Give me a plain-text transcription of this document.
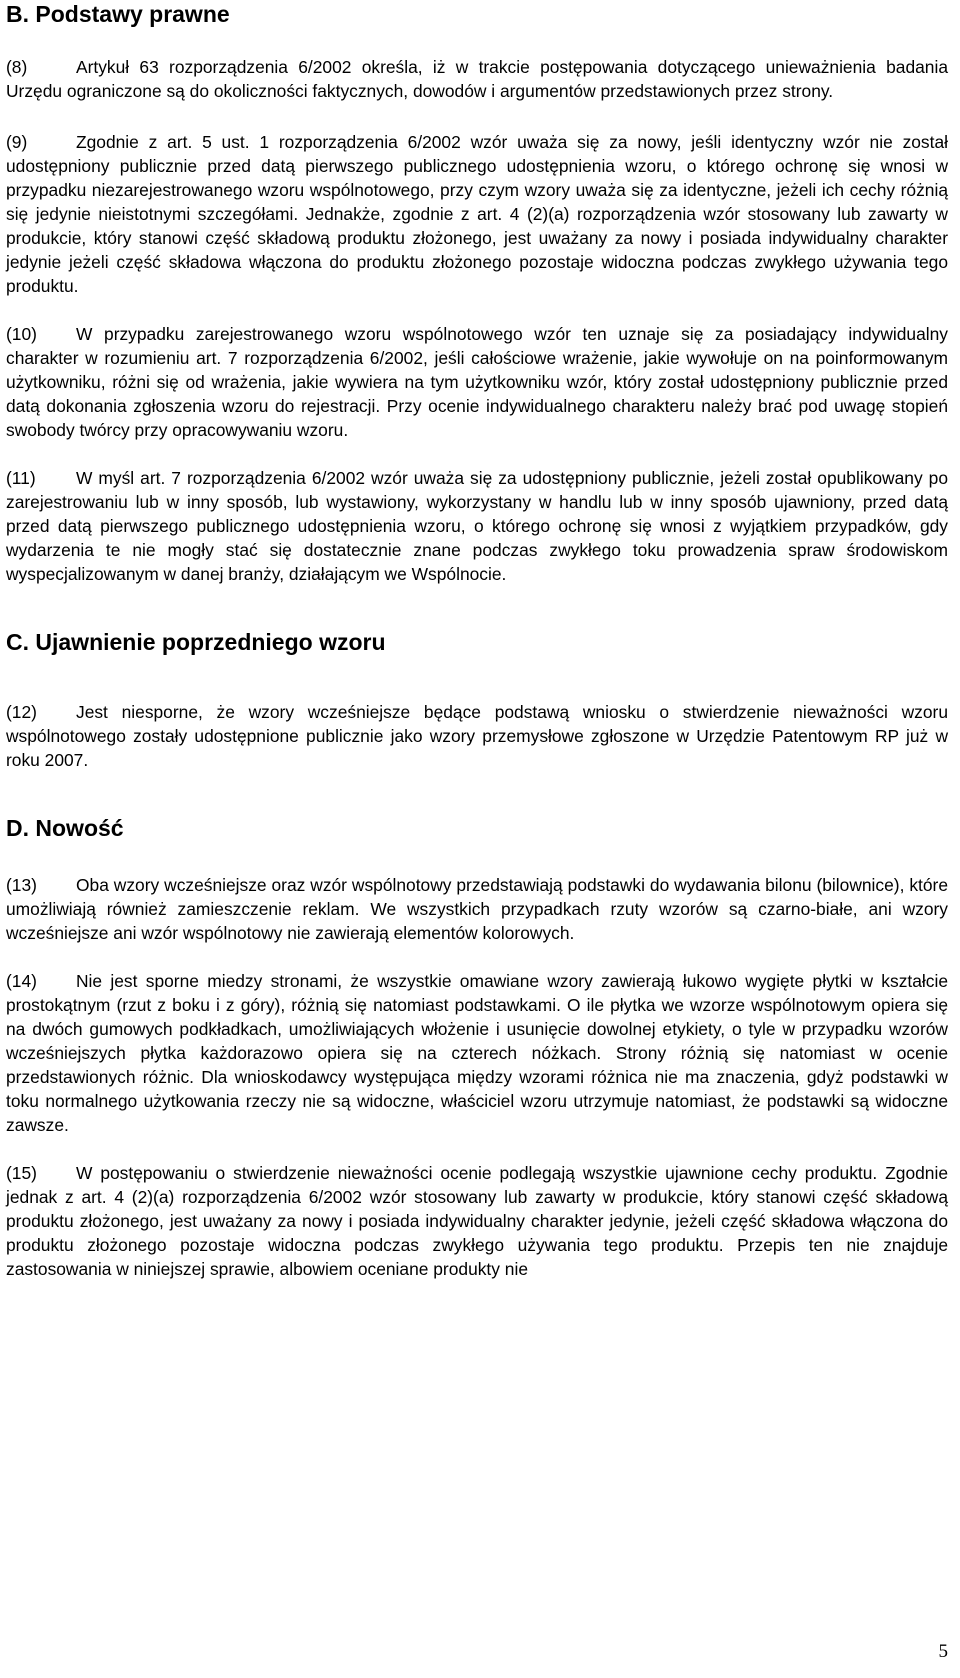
B. Podstawy prawne

(8)	Artykuł 63 rozporządzenia 6/2002 określa, iż w trakcie postępowania dotyczącego unieważnienia badania Urzędu ograniczone są do okoliczności faktycznych, dowodów i argumentów przedstawionych przez strony.

(9)	Zgodnie z art. 5 ust. 1 rozporządzenia 6/2002 wzór uważa się za nowy, jeśli identyczny wzór nie został udostępniony publicznie przed datą pierwszego publicznego udostępnienia wzoru, o którego ochronę się wnosi w przypadku niezarejestrowanego wzoru wspólnotowego, przy czym wzory uważa się za identyczne, jeżeli ich cechy różnią się jedynie nieistotnymi szczegółami. Jednakże, zgodnie z art. 4 (2)(a) rozporządzenia wzór stosowany lub zawarty w produkcie, który stanowi część składową produktu złożonego, jest uważany za nowy i posiada indywidualny charakter jedynie jeżeli część składowa włączona do produktu złożonego pozostaje widoczna podczas zwykłego używania tego produktu.

(10) W przypadku zarejestrowanego wzoru wspólnotowego wzór ten uznaje się za posiadający indywidualny charakter w rozumieniu art. 7 rozporządzenia 6/2002, jeśli całościowe wrażenie, jakie wywołuje on na poinformowanym użytkowniku, różni się od wrażenia, jakie wywiera na tym użytkowniku wzór, który został udostępniony publicznie przed datą dokonania zgłoszenia wzoru do rejestracji. Przy ocenie indywidualnego charakteru należy brać pod uwagę stopień swobody twórcy przy opracowywaniu wzoru.

(11) W myśl art. 7 rozporządzenia 6/2002 wzór uważa się za udostępniony publicznie, jeżeli został opublikowany po zarejestrowaniu lub w inny sposób, lub wystawiony, wykorzystany w handlu lub w inny sposób ujawniony, przed datą przed datą pierwszego publicznego udostępnienia wzoru, o którego ochronę się wnosi z wyjątkiem przypadków, gdy wydarzenia te nie mogły stać się dostatecznie znane podczas zwykłego toku prowadzenia spraw środowiskom wyspecjalizowanym w danej branży, działającym we Wspólnocie.

C. Ujawnienie poprzedniego wzoru

(12) Jest niesporne, że wzory wcześniejsze będące podstawą wniosku o stwierdzenie nieważności wzoru wspólnotowego zostały udostępnione publicznie jako wzory przemysłowe zgłoszone w Urzędzie Patentowym RP już w roku 2007.

D. Nowość

(13) Oba wzory wcześniejsze oraz wzór wspólnotowy przedstawiają podstawki do wydawania bilonu (bilownice), które umożliwiają również zamieszczenie reklam. We wszystkich przypadkach rzuty wzorów są czarno-białe, ani wzory wcześniejsze ani wzór wspólnotowy nie zawierają elementów kolorowych.

(14) Nie jest sporne miedzy stronami, że wszystkie omawiane wzory zawierają łukowo wygięte płytki w kształcie prostokątnym (rzut z boku i z góry), różnią się natomiast podstawkami. O ile płytka we wzorze wspólnotowym opiera się na dwóch gumowych podkładkach, umożliwiających włożenie i usunięcie dowolnej etykiety, o tyle w przypadku wzorów wcześniejszych płytka każdorazowo opiera się na czterech nóżkach. Strony różnią się natomiast w ocenie przedstawionych różnic. Dla wnioskodawcy występująca między wzorami różnica nie ma znaczenia, gdyż podstawki w toku normalnego użytkowania rzeczy nie są widoczne, właściciel wzoru utrzymuje natomiast, że podstawki są widoczne zawsze.

(15) W postępowaniu o stwierdzenie nieważności ocenie podlegają wszystkie ujawnione cechy produktu. Zgodnie jednak z art. 4 (2)(a) rozporządzenia 6/2002 wzór stosowany lub zawarty w produkcie, który stanowi część składową produktu złożonego, jest uważany za nowy i posiada indywidualny charakter jedynie, jeżeli część składowa włączona do produktu złożonego pozostaje widoczna podczas zwykłego używania tego produktu. Przepis ten nie znajduje zastosowania w niniejszej sprawie, albowiem oceniane produkty nie

5
